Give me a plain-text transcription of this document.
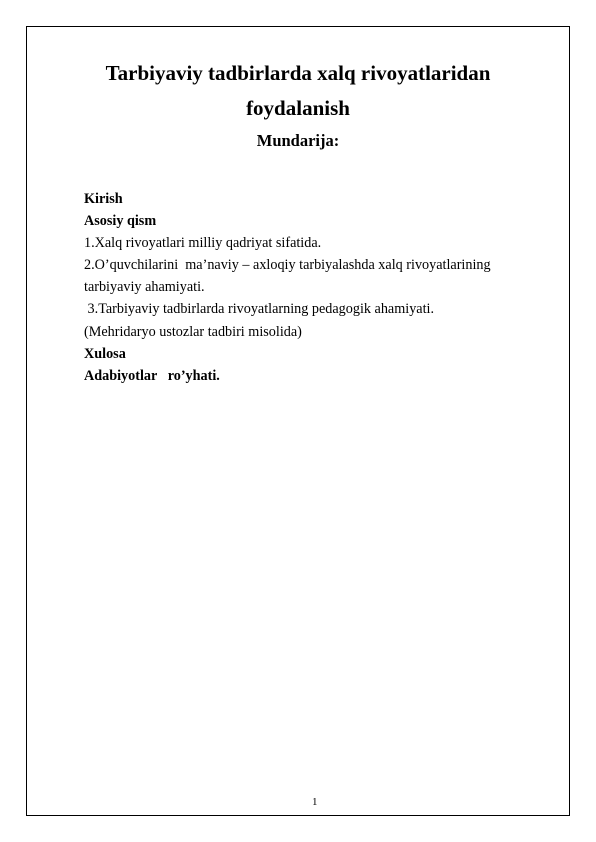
Tarbiyaviy tadbirlarda xalq rivoyatlaridan
foydalanish
Mundarija:
Kirish
Asosiy qism
1.Xalq rivoyatlari milliy qadriyat sifatida.
2.O’quvchilarini  ma’naviy – axloqiy tarbiyalashda xalq rivoyatlarining
tarbiyaviy ahamiyati.
3.Tarbiyaviy tadbirlarda rivoyatlarning pedagogik ahamiyati.
(Mehridaryo ustozlar tadbiri misolida)
Xulosa
Adabiyotlar   ro’yhati.
1
